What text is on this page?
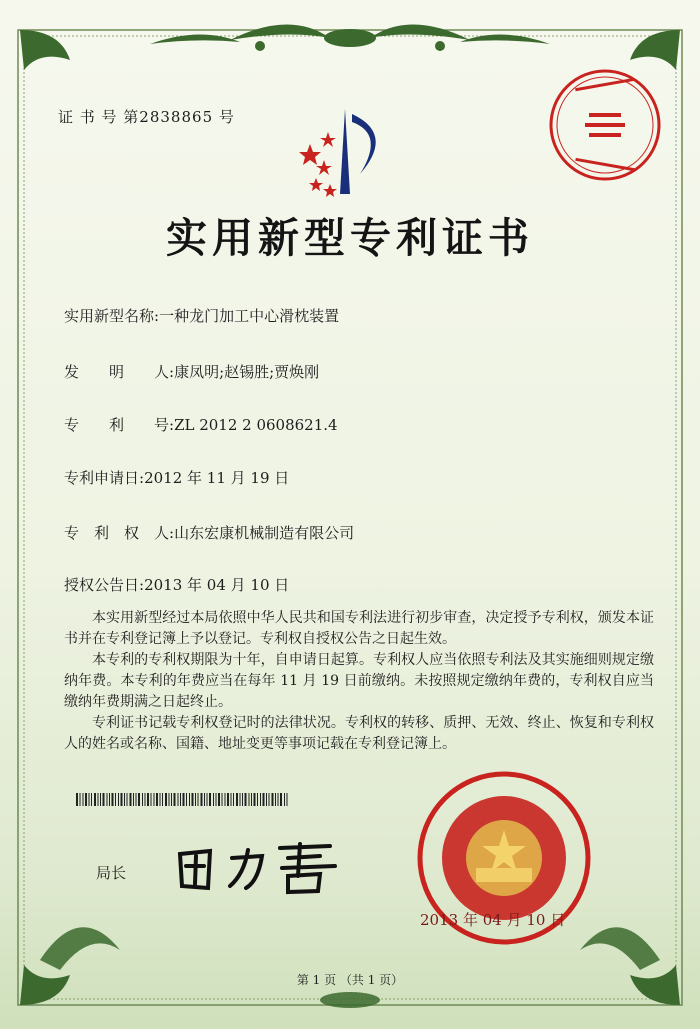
证 书 号 第2838865 号
实用新型专利证书
实用新型名称:一种龙门加工中心滑枕装置
发　　明　　人:康凤明;赵锡胜;贾焕刚
专　　利　　号:ZL 2012 2 0608621.4
专利申请日:2012 年 11 月 19 日
专　利　权　人:山东宏康机械制造有限公司
授权公告日:2013 年 04 月 10 日

本实用新型经过本局依照中华人民共和国专利法进行初步审查，决定授予专利权，颁发本证书并在专利登记簿上予以登记。专利权自授权公告之日起生效。

本专利的专利权期限为十年，自申请日起算。专利权人应当依照专利法及其实施细则规定缴纳年费。本专利的年费应当在每年 11 月 19 日前缴纳。未按照规定缴纳年费的，专利权自应当缴纳年费期满之日起终止。

专利证书记载专利权登记时的法律状况。专利权的转移、质押、无效、终止、恢复和专利权人的姓名或名称、国籍、地址变更等事项记载在专利登记簿上。

局长
2013 年 04 月 10 日
第 1 页 （共 1 页）
